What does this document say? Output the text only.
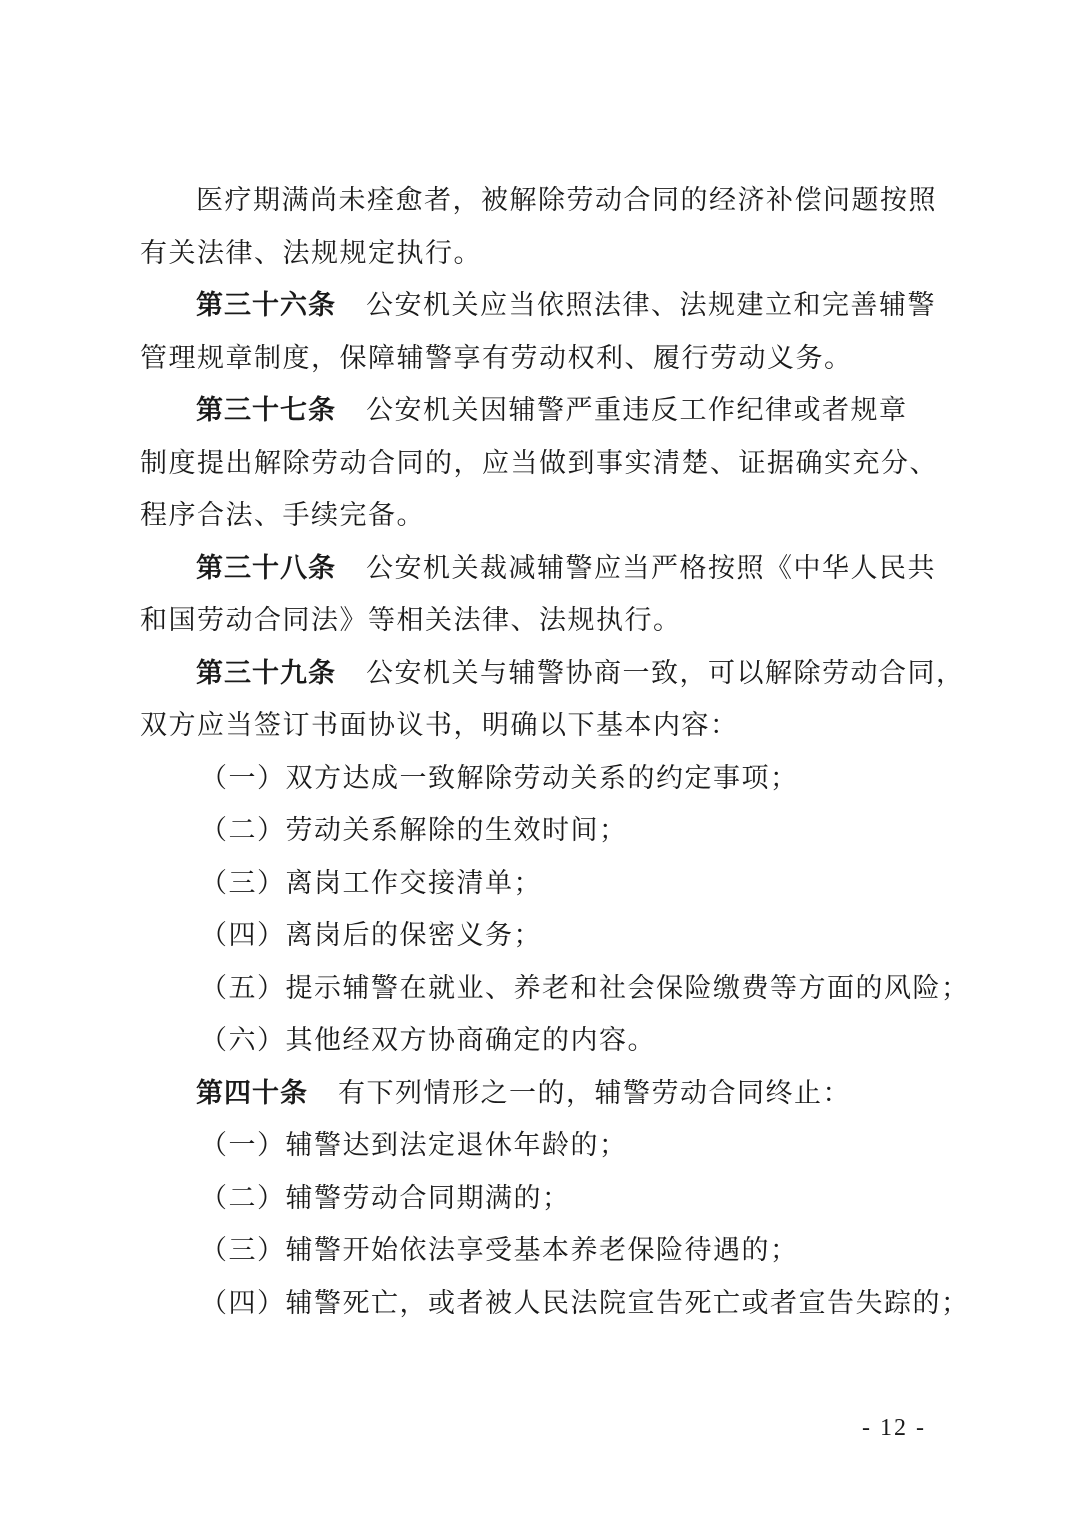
医疗期满尚未痊愈者，被解除劳动合同的经济补偿问题按照
有关法律、法规规定执行。
第三十六条 公安机关应当依照法律、法规建立和完善辅警
管理规章制度，保障辅警享有劳动权利、履行劳动义务。
第三十七条 公安机关因辅警严重违反工作纪律或者规章
制度提出解除劳动合同的，应当做到事实清楚、证据确实充分、
程序合法、手续完备。
第三十八条 公安机关裁减辅警应当严格按照《中华人民共
和国劳动合同法》等相关法律、法规执行。
第三十九条 公安机关与辅警协商一致，可以解除劳动合同，
双方应当签订书面协议书，明确以下基本内容：
（一）双方达成一致解除劳动关系的约定事项；
（二）劳动关系解除的生效时间；
（三）离岗工作交接清单；
（四）离岗后的保密义务；
（五）提示辅警在就业、养老和社会保险缴费等方面的风险；
（六）其他经双方协商确定的内容。
第四十条 有下列情形之一的，辅警劳动合同终止：
（一）辅警达到法定退休年龄的；
（二）辅警劳动合同期满的；
（三）辅警开始依法享受基本养老保险待遇的；
（四）辅警死亡，或者被人民法院宣告死亡或者宣告失踪的；
- 12 -
